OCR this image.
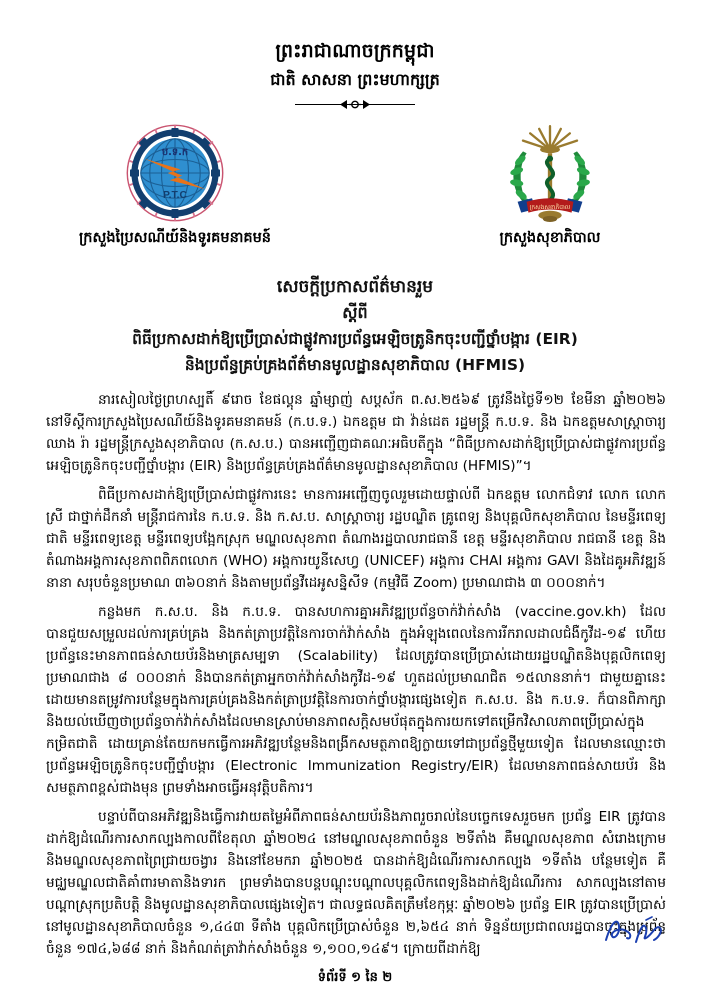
ព្រះរាជាណាចក្រកម្ពុជា
ជាតិ សាសនា ព្រះមហាក្សត្រ
ប.ទ.ក
P.T.C
ក្រសួងប្រៃសណីយ៍និងទូរគមនាគមន៍
ក្រសួងសុខាភិបាល
ក្រសួងសុខាភិបាល
សេចក្តីប្រកាសព័ត៌មានរួម
ស្តីពី
ពិធីប្រកាសដាក់ឱ្យប្រើប្រាស់ជាផ្លូវការប្រព័ន្ធអេឡិចត្រូនិកចុះបញ្ជីថ្នាំបង្ការ (EIR)
និងប្រព័ន្ធគ្រប់គ្រងព័ត៌មានមូលដ្ឋានសុខាភិបាល (HFMIS)

នារសៀលថ្ងៃព្រហស្បតិ៍ ៩រោច ខែផល្គុន ឆ្នាំម្សាញ់ សប្តស័ក ព.ស.២៥៦៩ ត្រូវនឹងថ្ងៃទី១២ ខែមីនា ឆ្នាំ២០២៦ នៅទីស្តីការក្រសួងប្រៃសណីយ៍និងទូរគមនាគមន៍ (ក.ប.ទ.) ឯកឧត្តម ជា វ៉ាន់ដេត រដ្ឋមន្ត្រី ក.ប.ទ. និង ឯកឧត្តមសាស្ត្រាចារ្យ ឈាង រ៉ា រដ្ឋមន្ត្រីក្រសួងសុខាភិបាល (ក.ស.ប.) បានអញ្ជើញជាគណៈអធិបតីក្នុង “ពិធីប្រកាសដាក់ឱ្យប្រើប្រាស់ជាផ្លូវការប្រព័ន្ធអេឡិចត្រូនិកចុះបញ្ជីថ្នាំបង្ការ (EIR) និងប្រព័ន្ធគ្រប់គ្រងព័ត៌មានមូលដ្ឋានសុខាភិបាល (HFMIS)”។

ពិធីប្រកាសដាក់ឱ្យប្រើប្រាស់ជាផ្លូវការនេះ មានការអញ្ជើញចូលរួមដោយផ្ទាល់ពី ឯកឧត្តម លោកជំទាវ លោក លោកស្រី ជាថ្នាក់ដឹកនាំ មន្ត្រីរាជការនៃ ក.ប.ទ. និង ក.ស.ប. សាស្ត្រាចារ្យ រដ្ឋបណ្ឌិត គ្រូពេទ្យ និងបុគ្គលិកសុខាភិបាល នៃមន្ទីរពេទ្យជាតិ មន្ទីរពេទ្យខេត្ត មន្ទីរពេទ្យបង្អែកស្រុក មណ្ឌលសុខភាព តំណាងរដ្ឋបាលរាជធានី ខេត្ត មន្ទីរសុខាភិបាល រាជធានី ខេត្ត និងតំណាងអង្គការសុខភាពពិភពលោក (WHO) អង្គការយូនីសេហ្វ (UNICEF) អង្គការ CHAI អង្គការ GAVI និងដៃគូអភិវឌ្ឍន៍នានា សរុបចំនួនប្រមាណ ៣៦០នាក់ និងតាមប្រព័ន្ធវីដេអូសន្និសីទ (កម្មវិធី Zoom) ប្រមាណជាង ៣ ០០០នាក់។

កន្លងមក ក.ស.ប. និង ក.ប.ទ. បានសហការគ្នាអភិវឌ្ឍប្រព័ន្ធចាក់វ៉ាក់សាំង (vaccine.gov.kh) ដែលបានជួយសម្រួលដល់ការគ្រប់គ្រង និងកត់ត្រាប្រវត្តិនៃការចាក់វ៉ាក់សាំង ក្នុងអំឡុងពេលនៃការរីករាលដាលជំងឺកូវីដ-១៩ ហើយប្រព័ន្ធនេះមានភាពធន់សាយប័រនិងមាត្រសម្បទា (Scalability) ដែលត្រូវបានប្រើប្រាស់ដោយរដ្ឋបណ្ឌិតនិងបុគ្គលិកពេទ្យប្រមាណជាង ៨ ០០០នាក់ និងបានកត់ត្រាអ្នកចាក់វ៉ាក់សាំងកូវីដ-១៩ ហួតដល់ប្រមាណជិត ១៥លាននាក់។ ជាមួយគ្នានេះ ដោយមានតម្រូវការបន្ថែមក្នុងការគ្រប់គ្រងនិងកត់ត្រាប្រវត្តិនៃការចាក់ថ្នាំបង្ការផ្សេងទៀត ក.ស.ប. និង ក.ប.ទ. ក៏បានពិភាក្សា និងយល់ឃើញថាប្រព័ន្ធចាក់វ៉ាក់សាំងដែលមានស្រាប់មានភាពសក្តិសមប័ផុតក្នុងការយកទៅតម្រើកវិសាលភាពប្រើប្រាស់ក្នុងកម្រិតជាតិ ដោយគ្រាន់តែយកមកធ្វើការអភិវឌ្ឍបន្ថែមនិងពង្រីកសមត្ថភាពឱ្យក្លាយទៅជាប្រព័ន្ធថ្មីមួយទៀត ដែលមានឈ្មោះថា ប្រព័ន្ធអេឡិចត្រូនិកចុះបញ្ជីថ្នាំបង្ការ (Electronic Immunization Registry/EIR) ដែលមានភាពធន់សាយប័រ និងសមត្ថភាពខ្ពស់ជាងមុន ព្រមទាំងអាចធើ្វអនុវត្តិបតិការ។

បន្ទាប់ពីបានអភិវឌ្ឍនិងធ្វើការវាយតម្លៃអំពីភាពធន់សាយប័រនិងភាពរួចរាល់នៃបច្ចេកទេសរួចមក ប្រព័ន្ធ EIR ត្រូវបានដាក់ឱ្យដំណើរការសាកល្បងកាលពីខែតុលា ឆ្នាំ២០២៤ នៅមណ្ឌលសុខភាពចំនួន ២ទីតាំង គឺមណ្ឌលសុខភាព សំរោងក្រោម និងមណ្ឌលសុខភាពព្រៃជ្រាយចង្វារ និងនៅខែមករា ឆ្នាំ២០២៥ បានដាក់ឱ្យដំណើរការសាកល្បង ១ទីតាំង បន្ថែមទៀត គឺមជ្ឈមណ្ឌលជាតិគាំពារមាតានិងទារក ព្រមទាំងបានបន្តបណ្តុះបណ្តាលបុគ្គលិកពេទ្យនិងដាក់ឱ្យដំណើរការ សាកល្បងនៅតាមបណ្តាស្រុកប្រតិបត្តិ និងមូលដ្ឋានសុខាភិបាលផ្សេងទៀត។ ជាលទ្ធផលគិតត្រឹមខែកុម្ភៈ ឆ្នាំ២០២៦ ប្រព័ន្ធ EIR ត្រូវបានប្រើប្រាស់នៅមូលដ្ឋានសុខាភិបាលចំនួន ១,៤៤៣ ទីតាំង បុគ្គលិកប្រើប្រាស់ចំនួន ២,៦៥៤ នាក់ ទិន្នន័យប្រជាពលរដ្ឋបានចុះក្នុងប្រព័ន្ធចំនួន ១៧៤,៦៨៨ នាក់ និងកំណត់ត្រាវ៉ាក់សាំងចំនួន ១,១០០,១៤៩។ ក្រោយពីដាក់ឱ្យ

ទំព័រទី ១ នៃ ២
